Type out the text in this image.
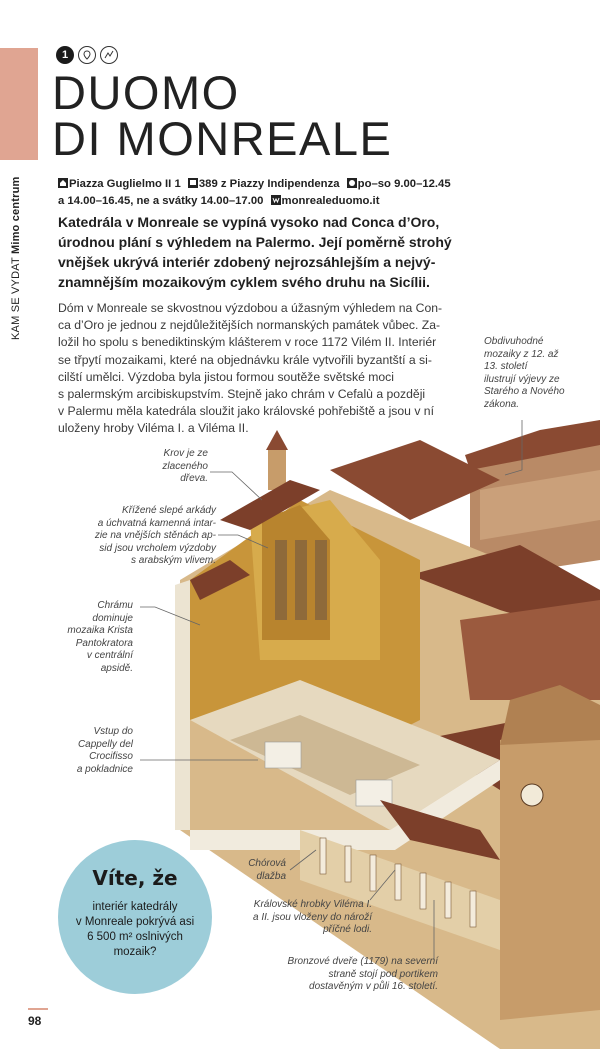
KAM SE VYDAT Mimo centrum
1
DUOMO
DI MONREALE
Piazza Guglielmo II 1 389 z Piazzy Indipendenza po–so 9.00–12.45
a 14.00–16.45, ne a svátky 14.00–17.00 monrealeduomo.it

Katedrála v Monreale se vypíná vysoko nad Conca d’Oro,
úrodnou plání s výhledem na Palermo. Její poměrně strohý
vnějšek ukrývá interiér zdobený nejrozsáhlejším a nejvý-
znamnějším mozaikovým cyklem svého druhu na Sicílii.

Dóm v Monreale se skvostnou výzdobou a úžasným výhledem na Con-
ca d’Oro je jednou z nejdůležitějších normanských památek vůbec. Za-
ložil ho spolu s benediktinským klášterem v roce 1172 Vilém II. Interiér
se třpytí mozaikami, které na objednávku krále vytvořili byzantští a si-
cilští umělci. Výzdoba byla jistou formou soutěže světské moci
s palermským arcibiskupstvím. Stejně jako chrám v Cefalù a později
v Palermu měla katedrála sloužit jako královské pohřebiště a jsou v ní
uloženy hroby Viléma I. a Viléma II.

Obdivuhodné
mozaiky z 12. až
13. století
ilustrují výjevy ze
Starého a Nového
zákona.
Krov je ze
zlaceného
dřeva.
Křížené slepé arkády
a úchvatná kamenná intar-
zie na vnějších stěnách ap-
sid jsou vrcholem výzdoby
s arabským vlivem.
Chrámu
dominuje
mozaika Krista
Pantokratora
v centrální
apsidě.
Vstup do
Cappelly del
Crocifisso
a pokladnice
Chórová
dlažba
Královské hrobky Viléma I.
a II. jsou vloženy do nároží
příčné lodi.
Bronzové dveře (1179) na severní
straně stojí pod portikem
dostavěným v půli 16. století.
Víte, že

interiér katedrály
v Monreale pokrývá asi
6 500 m² oslnivých
mozaik?

98
